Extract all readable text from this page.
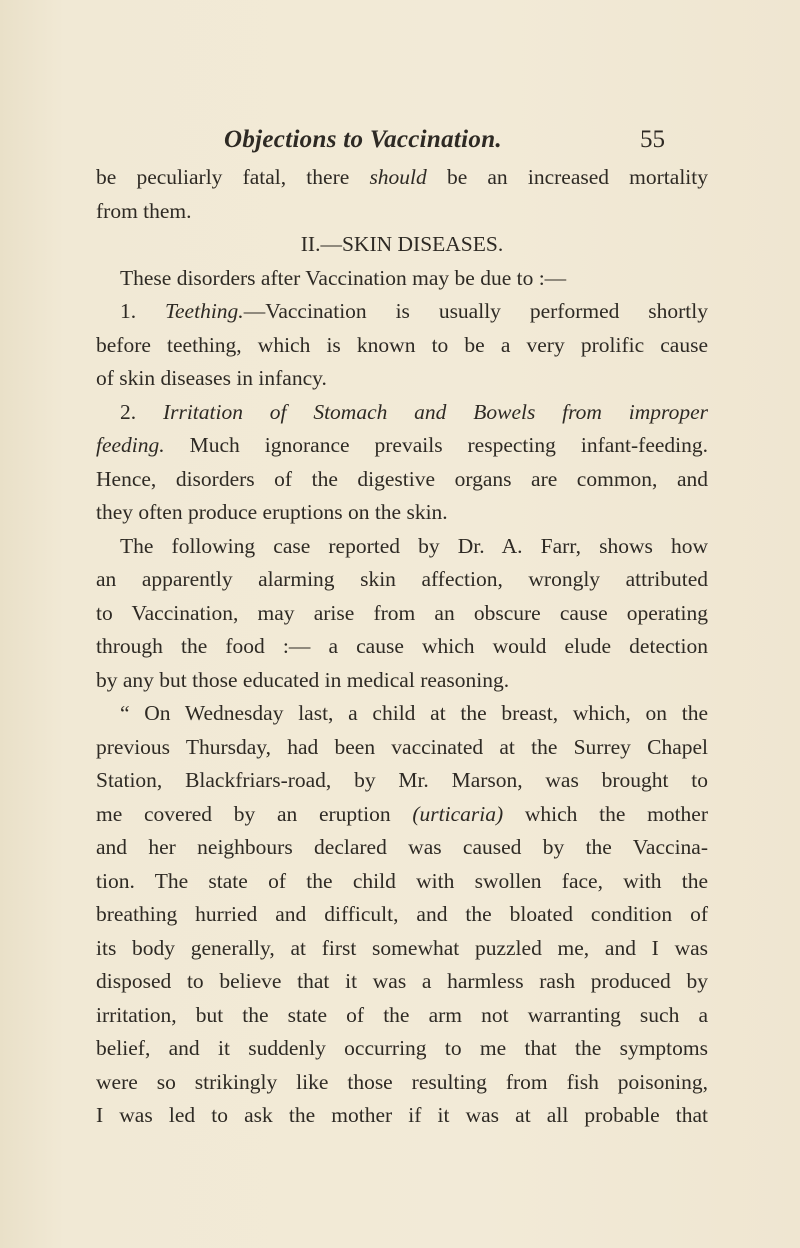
Objections to Vaccination.	55
be peculiarly fatal, there should be an increased mortality
from them.
II.—SKIN DISEASES.
These disorders after Vaccination may be due to :—
1. Teething.—Vaccination is usually performed shortly
before teething, which is known to be a very prolific cause
of skin diseases in infancy.
2. Irritation of Stomach and Bowels from improper
feeding. Much ignorance prevails respecting infant-feeding.
Hence, disorders of the digestive organs are common, and
they often produce eruptions on the skin.
The following case reported by Dr. A. Farr, shows how
an apparently alarming skin affection, wrongly attributed
to Vaccination, may arise from an obscure cause operating
through the food :— a cause which would elude detection
by any but those educated in medical reasoning.
“ On Wednesday last, a child at the breast, which, on the
previous Thursday, had been vaccinated at the Surrey Chapel
Station, Blackfriars-road, by Mr. Marson, was brought to
me covered by an eruption (urticaria) which the mother
and her neighbours declared was caused by the Vaccina-
tion. The state of the child with swollen face, with the
breathing hurried and difficult, and the bloated condition of
its body generally, at first somewhat puzzled me, and I was
disposed to believe that it was a harmless rash produced by
irritation, but the state of the arm not warranting such a
belief, and it suddenly occurring to me that the symptoms
were so strikingly like those resulting from fish poisoning,
I was led to ask the mother if it was at all probable that
